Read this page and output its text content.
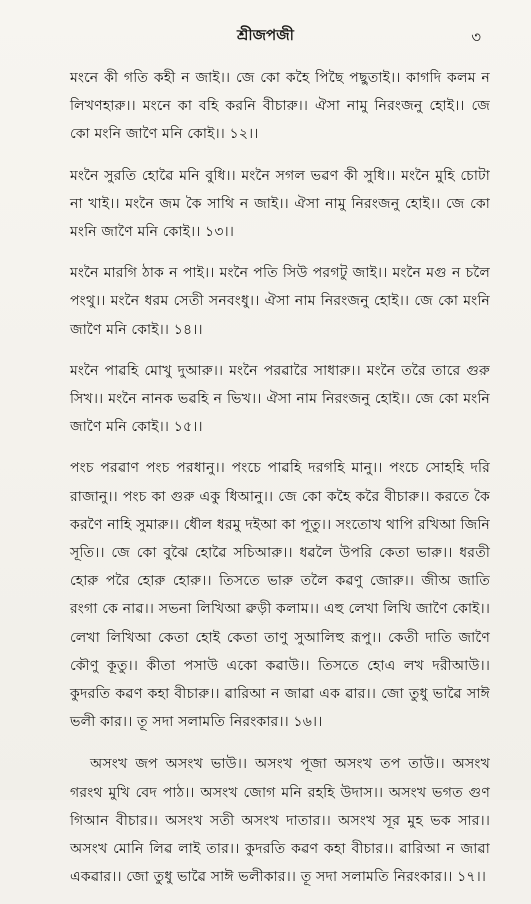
শ্রীজপজী	৩

মংনে কী গতি কহী ন জাই।। জে কো কহৈ পিছৈ পছুতাই।। কাগদি কলম ন লিখণহারু।। মংনে কা বহি করনি বীচারু।। ঐসা নামু নিরংজনু হোই।। জে কো মংনি জাণৈ মনি কোই।। ১২।।

মংনৈ সুরতি হোৱৈ মনি বুধি।। মংনৈ সগল ভৱণ কী সুধি।। মংনৈ মুহি চোটা না খাই।। মংনৈ জম কৈ সাথি ন জাই।। ঐসা নামু নিরংজনু হোই।। জে কো মংনি জাণৈ মনি কোই।। ১৩।।

মংনৈ মারগি ঠাক ন পাই।। মংনৈ পতি সিউ পরগটু জাই।। মংনৈ মগু ন চলৈ পংথু।। মংনৈ ধরম সেতী সনবংধু।। ঐসা নাম নিরংজনু হোই।। জে কো মংনি জাণৈ মনি কোই।। ১৪।।

মংনৈ পাৱহি মোখু দুআরু।। মংনৈ পরৱারৈ সাধারু।। মংনৈ তরৈ তারে গুরু সিখ।। মংনৈ নানক ভৱহি ন ভিখ।। ঐসা নাম নিরংজনু হোই।। জে কো মংনি জাণৈ মনি কোই।। ১৫।।

পংচ পরৱাণ পংচ পরধানু।। পংচে পাৱহি দরগহি মানু।। পংচে সোহহি দরি রাজানু।। পংচ কা গুরু একু ধিআনু।। জে কো কহৈ করৈ বীচারু।। করতে কৈ করণৈ নাহি সুমারু।। ধৌল ধরমু দইআ কা পূতু।। সংতোখ থাপি রখিআ জিনি সূতি।। জে কো বুঝৈ হোৱৈ সচিআরু।। ধৱলৈ উপরি কেতা ভারু।। ধরতী হোরু পরৈ হোরু হোরু।। তিসতে ভারু তলৈ কৱণু জোরু।। জীঅ জাতি রংগা কে নাৱ।। সভনা লিখিআ ৱুড়ী কলাম।। এহু লেখা লিখি জাণৈ কোই।। লেখা লিখিআ কেতা হোই কেতা তাণু সুআলিহু রূপু।। কেতী দাতি জাণৈ কৌণু কূতু।। কীতা পসাউ একো কৱাউ।। তিসতে হোএ লখ দরীআউ।। কুদরতি কৱণ কহা বীচারু।। ৱারিআ ন জাৱা এক ৱার।। জো তুধু ভাৱৈ সাঈ ভলী কার।। তূ সদা সলামতি নিরংকার।। ১৬।।

অসংখ জপ অসংখ ভাউ।। অসংখ পূজা অসংখ তপ তাউ।। অসংখ গরংথ মুখি বেদ পাঠ।। অসংখ জোগ মনি রহহি উদাস।। অসংখ ভগত গুণ গিআন বীচার।। অসংখ সতী অসংখ দাতার।। অসংখ সূর মুহ ভক সার।। অসংখ মোনি লিৱ লাই তার।। কুদরতি কৱণ কহা বীচার।। ৱারিআ ন জাৱা একৱার।। জো তুধু ভাৱৈ সাঈ ভলীকার।। তূ সদা সলামতি নিরংকার।। ১৭।।
